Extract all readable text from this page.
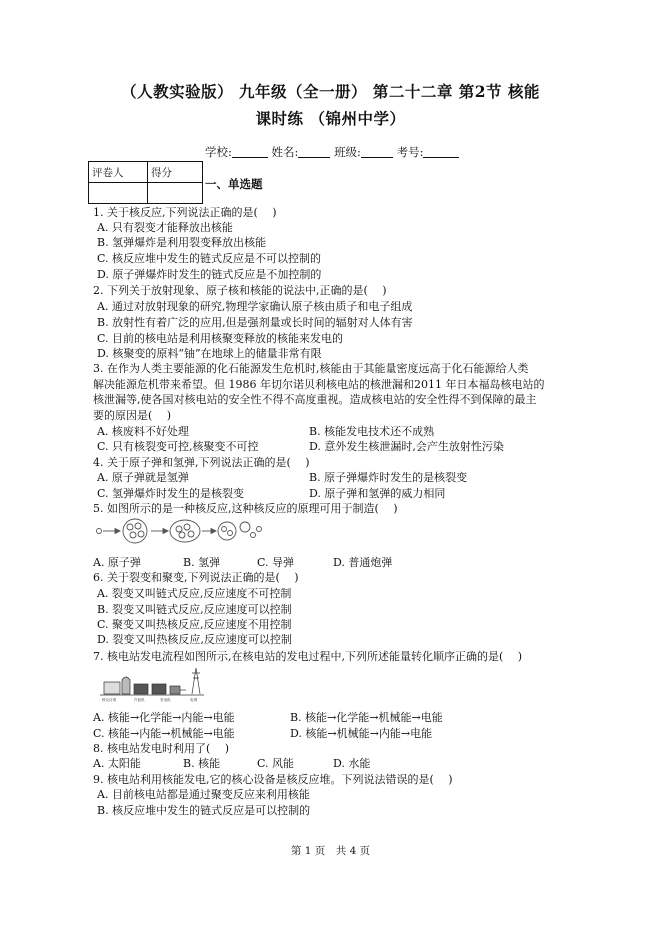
（人教实验版） 九年级（全一册） 第二十二章 第2节 核能
课时练 （锦州中学）
学校:	姓名:	班级:	考号:
评卷人	得分

一、单选题
1. 关于核反应,下列说法正确的是(　 )
A. 只有裂变才能释放出核能
B. 氢弹爆炸是利用裂变释放出核能
C. 核反应堆中发生的链式反应是不可以控制的
D. 原子弹爆炸时发生的链式反应是不加控制的
2. 下列关于放射现象、原子核和核能的说法中,正确的是(　 )
A. 通过对放射现象的研究,物理学家确认原子核由质子和电子组成
B. 放射性有着广泛的应用,但是强剂量或长时间的辐射对人体有害
C. 目前的核电站是利用核聚变释放的核能来发电的
D. 核聚变的原料“铀”在地球上的储量非常有限
3. 在作为人类主要能源的化石能源发生危机时,核能由于其能量密度远高于化石能源给人类
解决能源危机带来希望。但 1986 年切尔诺贝利核电站的核泄漏和2011 年日本福岛核电站的
核泄漏等,使各国对核电站的安全性不得不高度重视。造成核电站的安全性得不到保障的最主
要的原因是(　 )
A. 核废料不好处理	B. 核能发电技术还不成熟
C. 只有核裂变可控,核聚变不可控	D. 意外发生核泄漏时,会产生放射性污染
4. 关于原子弹和氢弹,下列说法正确的是(　 )
A. 原子弹就是氢弹	B. 原子弹爆炸时发生的是核裂变
C. 氢弹爆炸时发生的是核裂变	D. 原子弹和氢弹的威力相同
5. 如图所示的是一种核反应,这种核反应的原理可用于制造(　 )
A. 原子弹	B. 氢弹	C. 导弹	D. 普通炮弹
6. 关于裂变和聚变,下列说法正确的是(　 )
A. 裂变又叫链式反应,反应速度不可控制
B. 裂变又叫链式反应,反应速度可以控制
C. 聚变又叫热核反应,反应速度不用控制
D. 裂变又叫热核反应,反应速度可以控制
7. 核电站发电流程如图所示,在核电站的发电过程中,下列所述能量转化顺序正确的是(　 )
核反应堆	汽轮机	发电机	电网
A. 核能→化学能→内能→电能	B. 核能→化学能→机械能→电能
C. 核能→内能→机械能→电能	D. 核能→机械能→内能→电能
8. 核电站发电时利用了(　 )
A. 太阳能	B. 核能	C. 风能	D. 水能
9. 核电站利用核能发电,它的核心设备是核反应堆。下列说法错误的是(　 )
A. 目前核电站都是通过聚变反应来利用核能
B. 核反应堆中发生的链式反应是可以控制的
第 1 页　共 4 页
